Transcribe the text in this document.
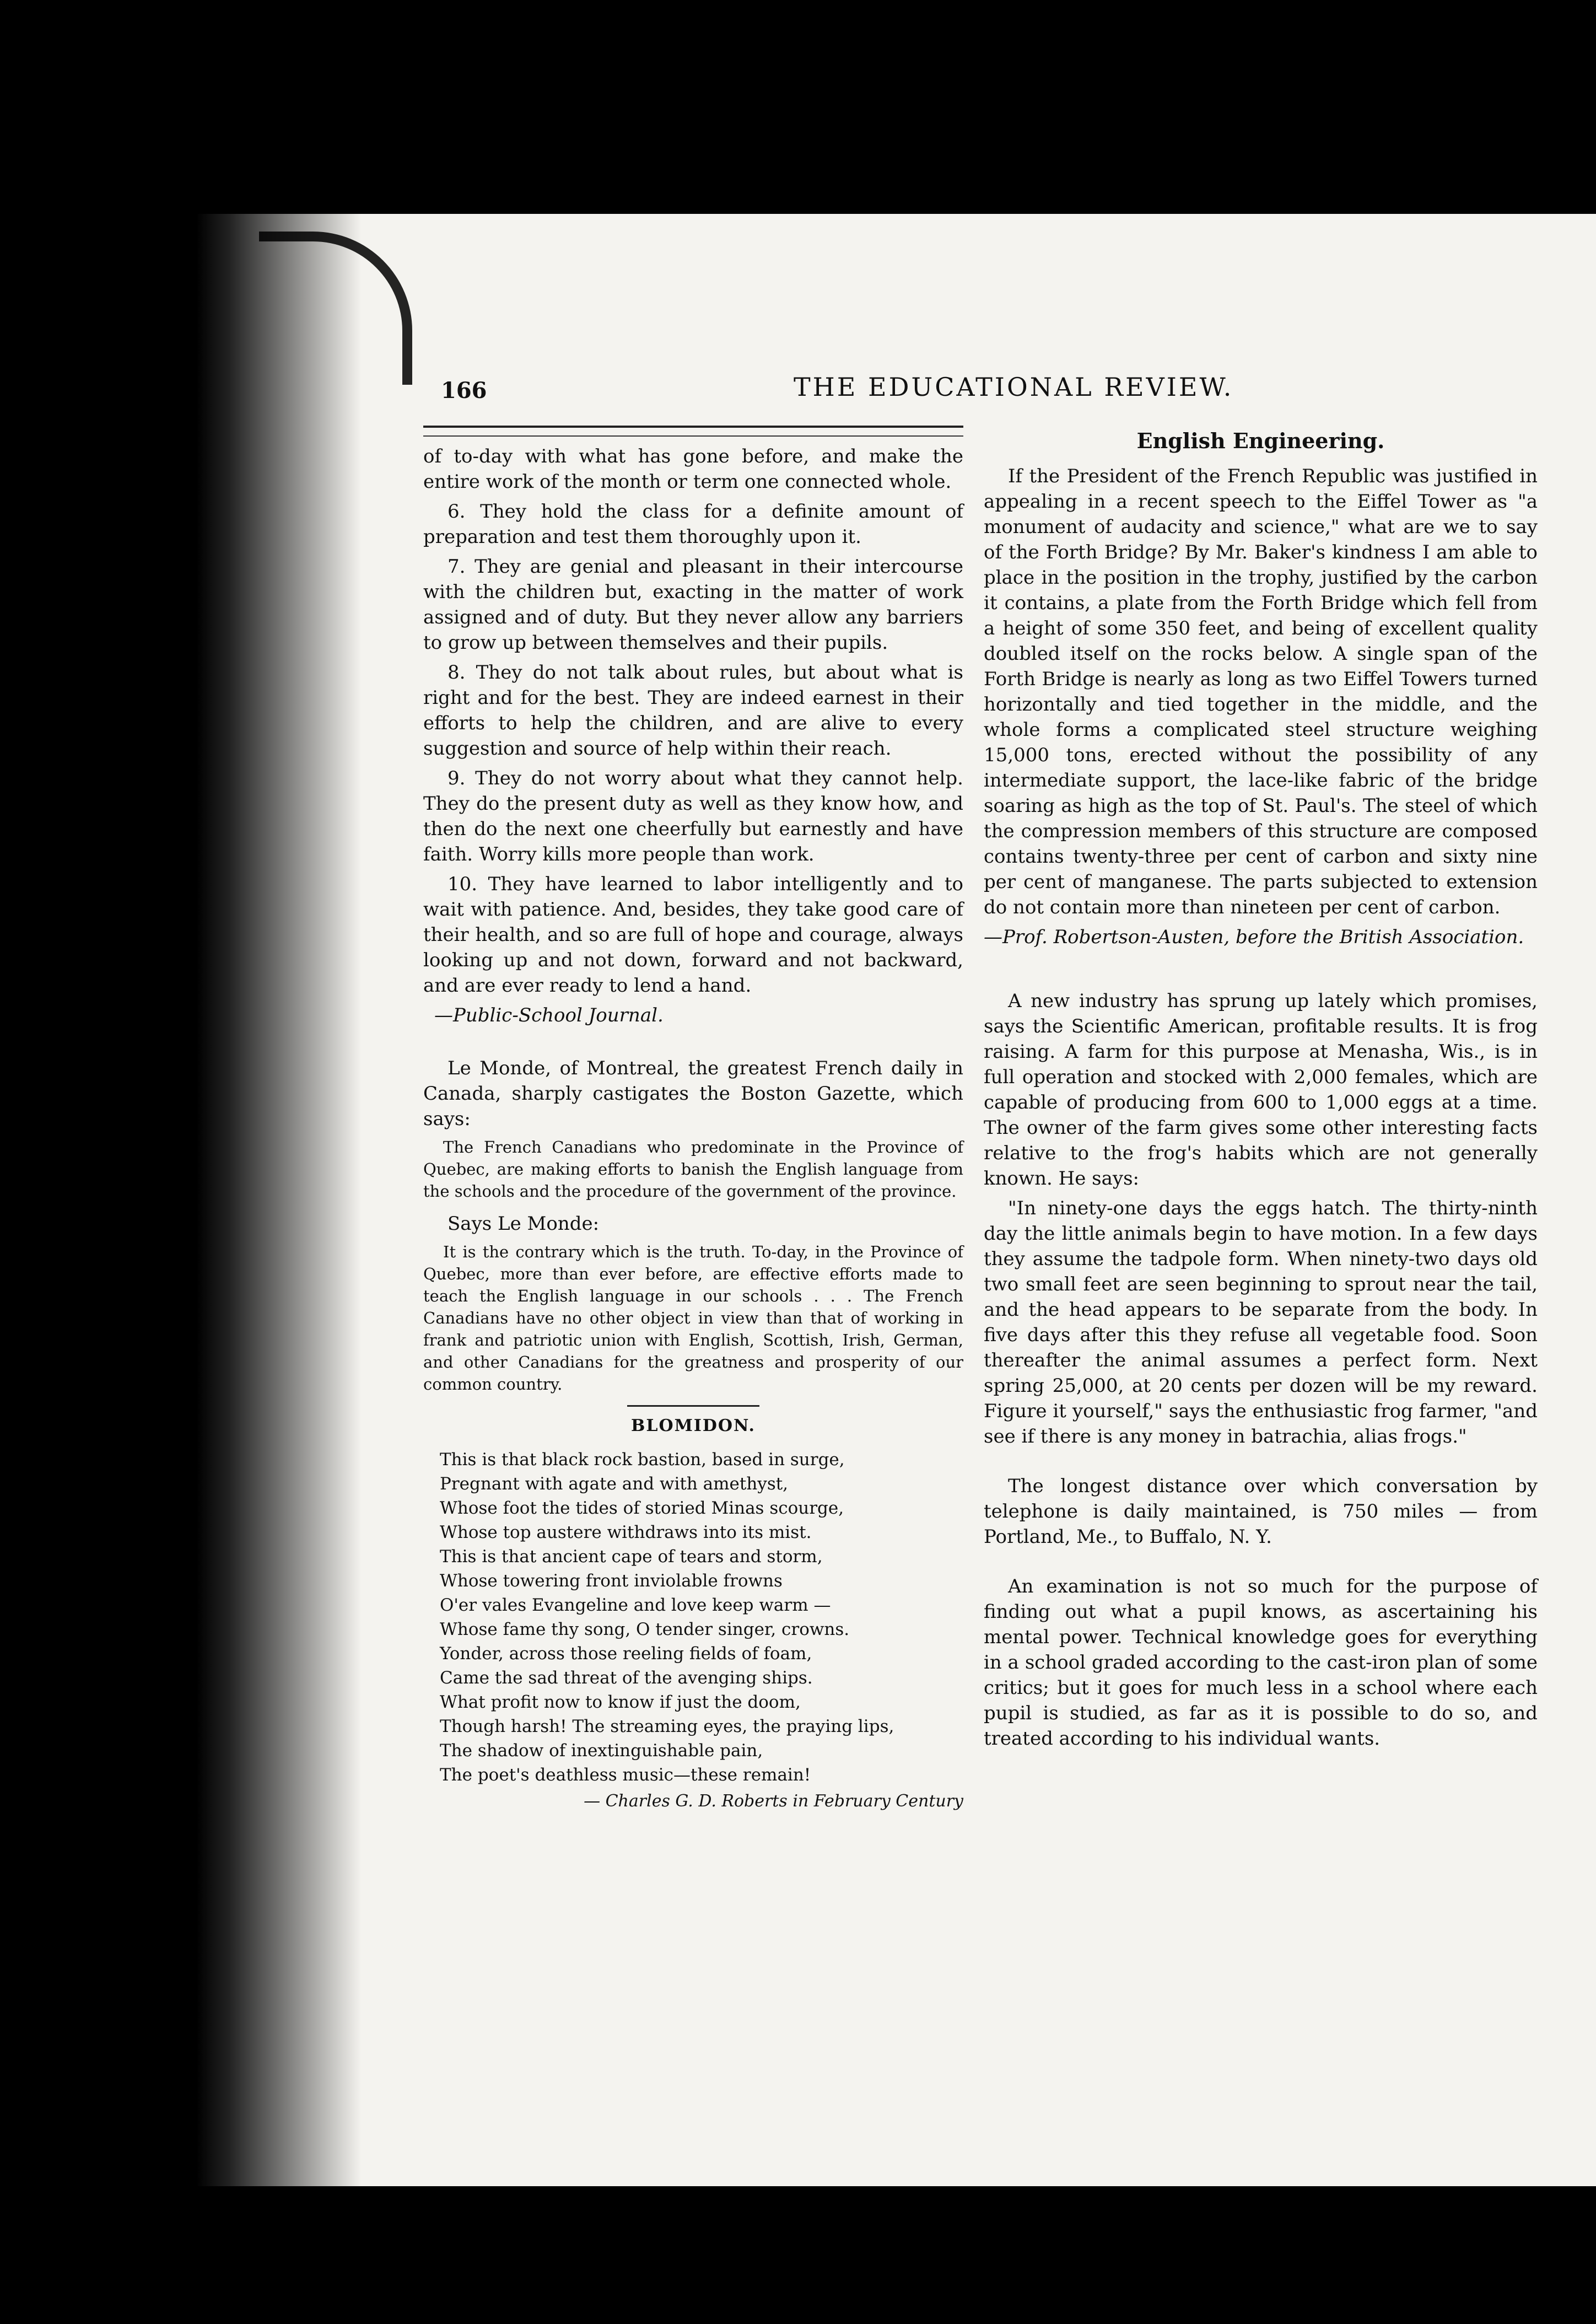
166	THE EDUCATIONAL REVIEW.

of to-day with what has gone before, and make the entire work of the month or term one connected whole.

6. They hold the class for a definite amount of preparation and test them thoroughly upon it.

7. They are genial and pleasant in their intercourse with the children but, exacting in the matter of work assigned and of duty. But they never allow any barriers to grow up between themselves and their pupils.

8. They do not talk about rules, but about what is right and for the best. They are indeed earnest in their efforts to help the children, and are alive to every suggestion and source of help within their reach.

9. They do not worry about what they cannot help. They do the present duty as well as they know how, and then do the next one cheerfully but earnestly and have faith. Worry kills more people than work.

10. They have learned to labor intelligently and to wait with patience. And, besides, they take good care of their health, and so are full of hope and courage, always looking up and not down, forward and not backward, and are ever ready to lend a hand.

—Public-School Journal.

Le Monde, of Montreal, the greatest French daily in Canada, sharply castigates the Boston Gazette, which says:

The French Canadians who predominate in the Province of Quebec, are making efforts to banish the English language from the schools and the procedure of the government of the province.

Says Le Monde:

It is the contrary which is the truth. To-day, in the Province of Quebec, more than ever before, are effective efforts made to teach the English language in our schools . . . The French Canadians have no other object in view than that of working in frank and patriotic union with English, Scottish, Irish, German, and other Canadians for the greatness and prosperity of our common country.

BLOMIDON.
This is that black rock bastion, based in surge,
Pregnant with agate and with amethyst,
Whose foot the tides of storied Minas scourge,
Whose top austere withdraws into its mist.
This is that ancient cape of tears and storm,
Whose towering front inviolable frowns
O'er vales Evangeline and love keep warm —
Whose fame thy song, O tender singer, crowns.
Yonder, across those reeling fields of foam,
Came the sad threat of the avenging ships.
What profit now to know if just the doom,
Though harsh! The streaming eyes, the praying lips,
The shadow of inextinguishable pain,
The poet's deathless music—these remain!
— Charles G. D. Roberts in February Century
English Engineering.

If the President of the French Republic was justified in appealing in a recent speech to the Eiffel Tower as "a monument of audacity and science," what are we to say of the Forth Bridge? By Mr. Baker's kindness I am able to place in the position in the trophy, justified by the carbon it contains, a plate from the Forth Bridge which fell from a height of some 350 feet, and being of excellent quality doubled itself on the rocks below. A single span of the Forth Bridge is nearly as long as two Eiffel Towers turned horizontally and tied together in the middle, and the whole forms a complicated steel structure weighing 15,000 tons, erected without the possibility of any intermediate support, the lace-like fabric of the bridge soaring as high as the top of St. Paul's. The steel of which the compression members of this structure are composed contains twenty-three per cent of carbon and sixty nine per cent of manganese. The parts subjected to extension do not contain more than nineteen per cent of carbon.

—Prof. Robertson-Austen, before the British Association.

A new industry has sprung up lately which promises, says the Scientific American, profitable results. It is frog raising. A farm for this purpose at Menasha, Wis., is in full operation and stocked with 2,000 females, which are capable of producing from 600 to 1,000 eggs at a time. The owner of the farm gives some other interesting facts relative to the frog's habits which are not generally known. He says:

"In ninety-one days the eggs hatch. The thirty-ninth day the little animals begin to have motion. In a few days they assume the tadpole form. When ninety-two days old two small feet are seen beginning to sprout near the tail, and the head appears to be separate from the body. In five days after this they refuse all vegetable food. Soon thereafter the animal assumes a perfect form. Next spring 25,000, at 20 cents per dozen will be my reward. Figure it yourself," says the enthusiastic frog farmer, "and see if there is any money in batrachia, alias frogs."

The longest distance over which conversation by telephone is daily maintained, is 750 miles — from Portland, Me., to Buffalo, N. Y.

An examination is not so much for the purpose of finding out what a pupil knows, as ascertaining his mental power. Technical knowledge goes for everything in a school graded according to the cast-iron plan of some critics; but it goes for much less in a school where each pupil is studied, as far as it is possible to do so, and treated according to his individual wants.
